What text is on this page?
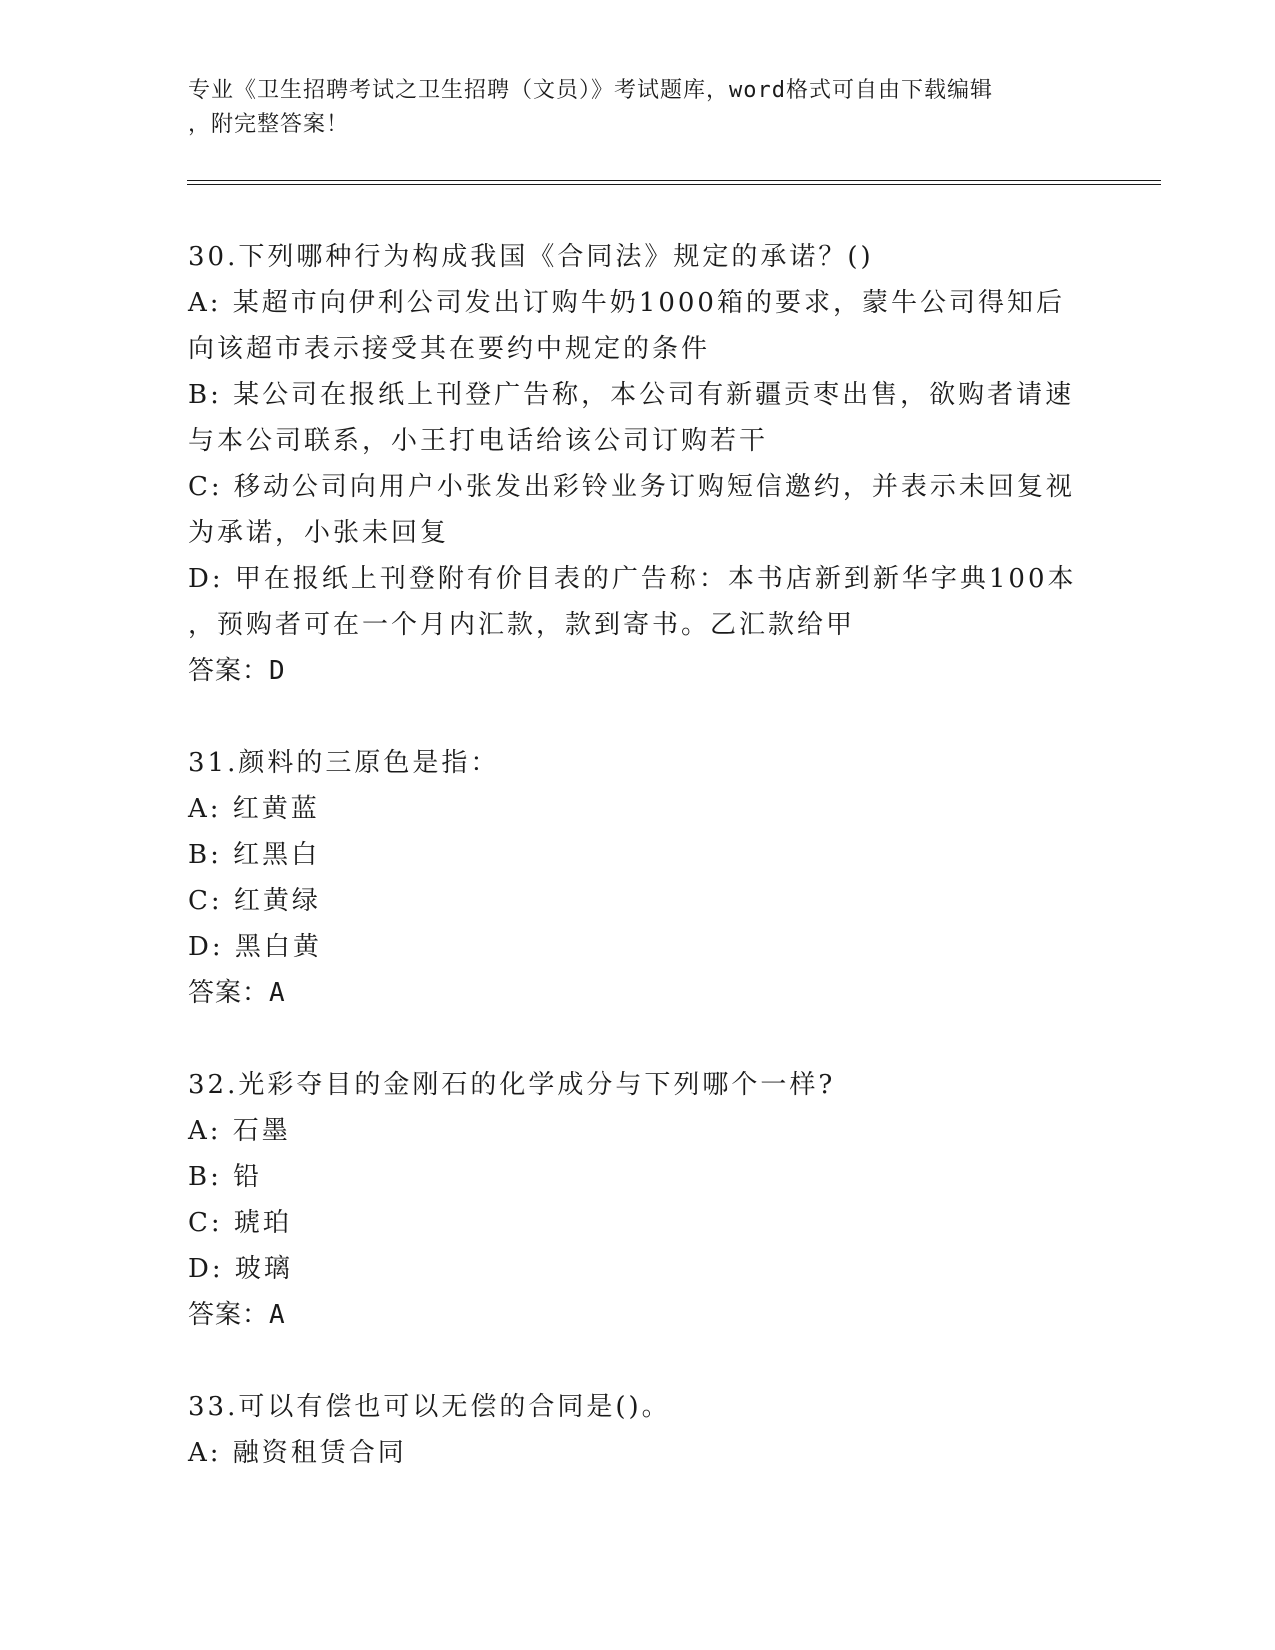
专业《卫生招聘考试之卫生招聘（文员）》考试题库，word格式可自由下载编辑
，附完整答案！
30.下列哪种行为构成我国《合同法》规定的承诺？()
A: 某超市向伊利公司发出订购牛奶1000箱的要求，蒙牛公司得知后
向该超市表示接受其在要约中规定的条件
B: 某公司在报纸上刊登广告称，本公司有新疆贡枣出售，欲购者请速
与本公司联系，小王打电话给该公司订购若干
C: 移动公司向用户小张发出彩铃业务订购短信邀约，并表示未回复视
为承诺，小张未回复
D: 甲在报纸上刊登附有价目表的广告称：本书店新到新华字典100本
，预购者可在一个月内汇款，款到寄书。乙汇款给甲
答案：D
31.颜料的三原色是指：
A: 红黄蓝
B: 红黑白
C: 红黄绿
D: 黑白黄
答案：A
32.光彩夺目的金刚石的化学成分与下列哪个一样?
A: 石墨
B: 铅
C: 琥珀
D: 玻璃
答案：A
33.可以有偿也可以无偿的合同是()。
A: 融资租赁合同
